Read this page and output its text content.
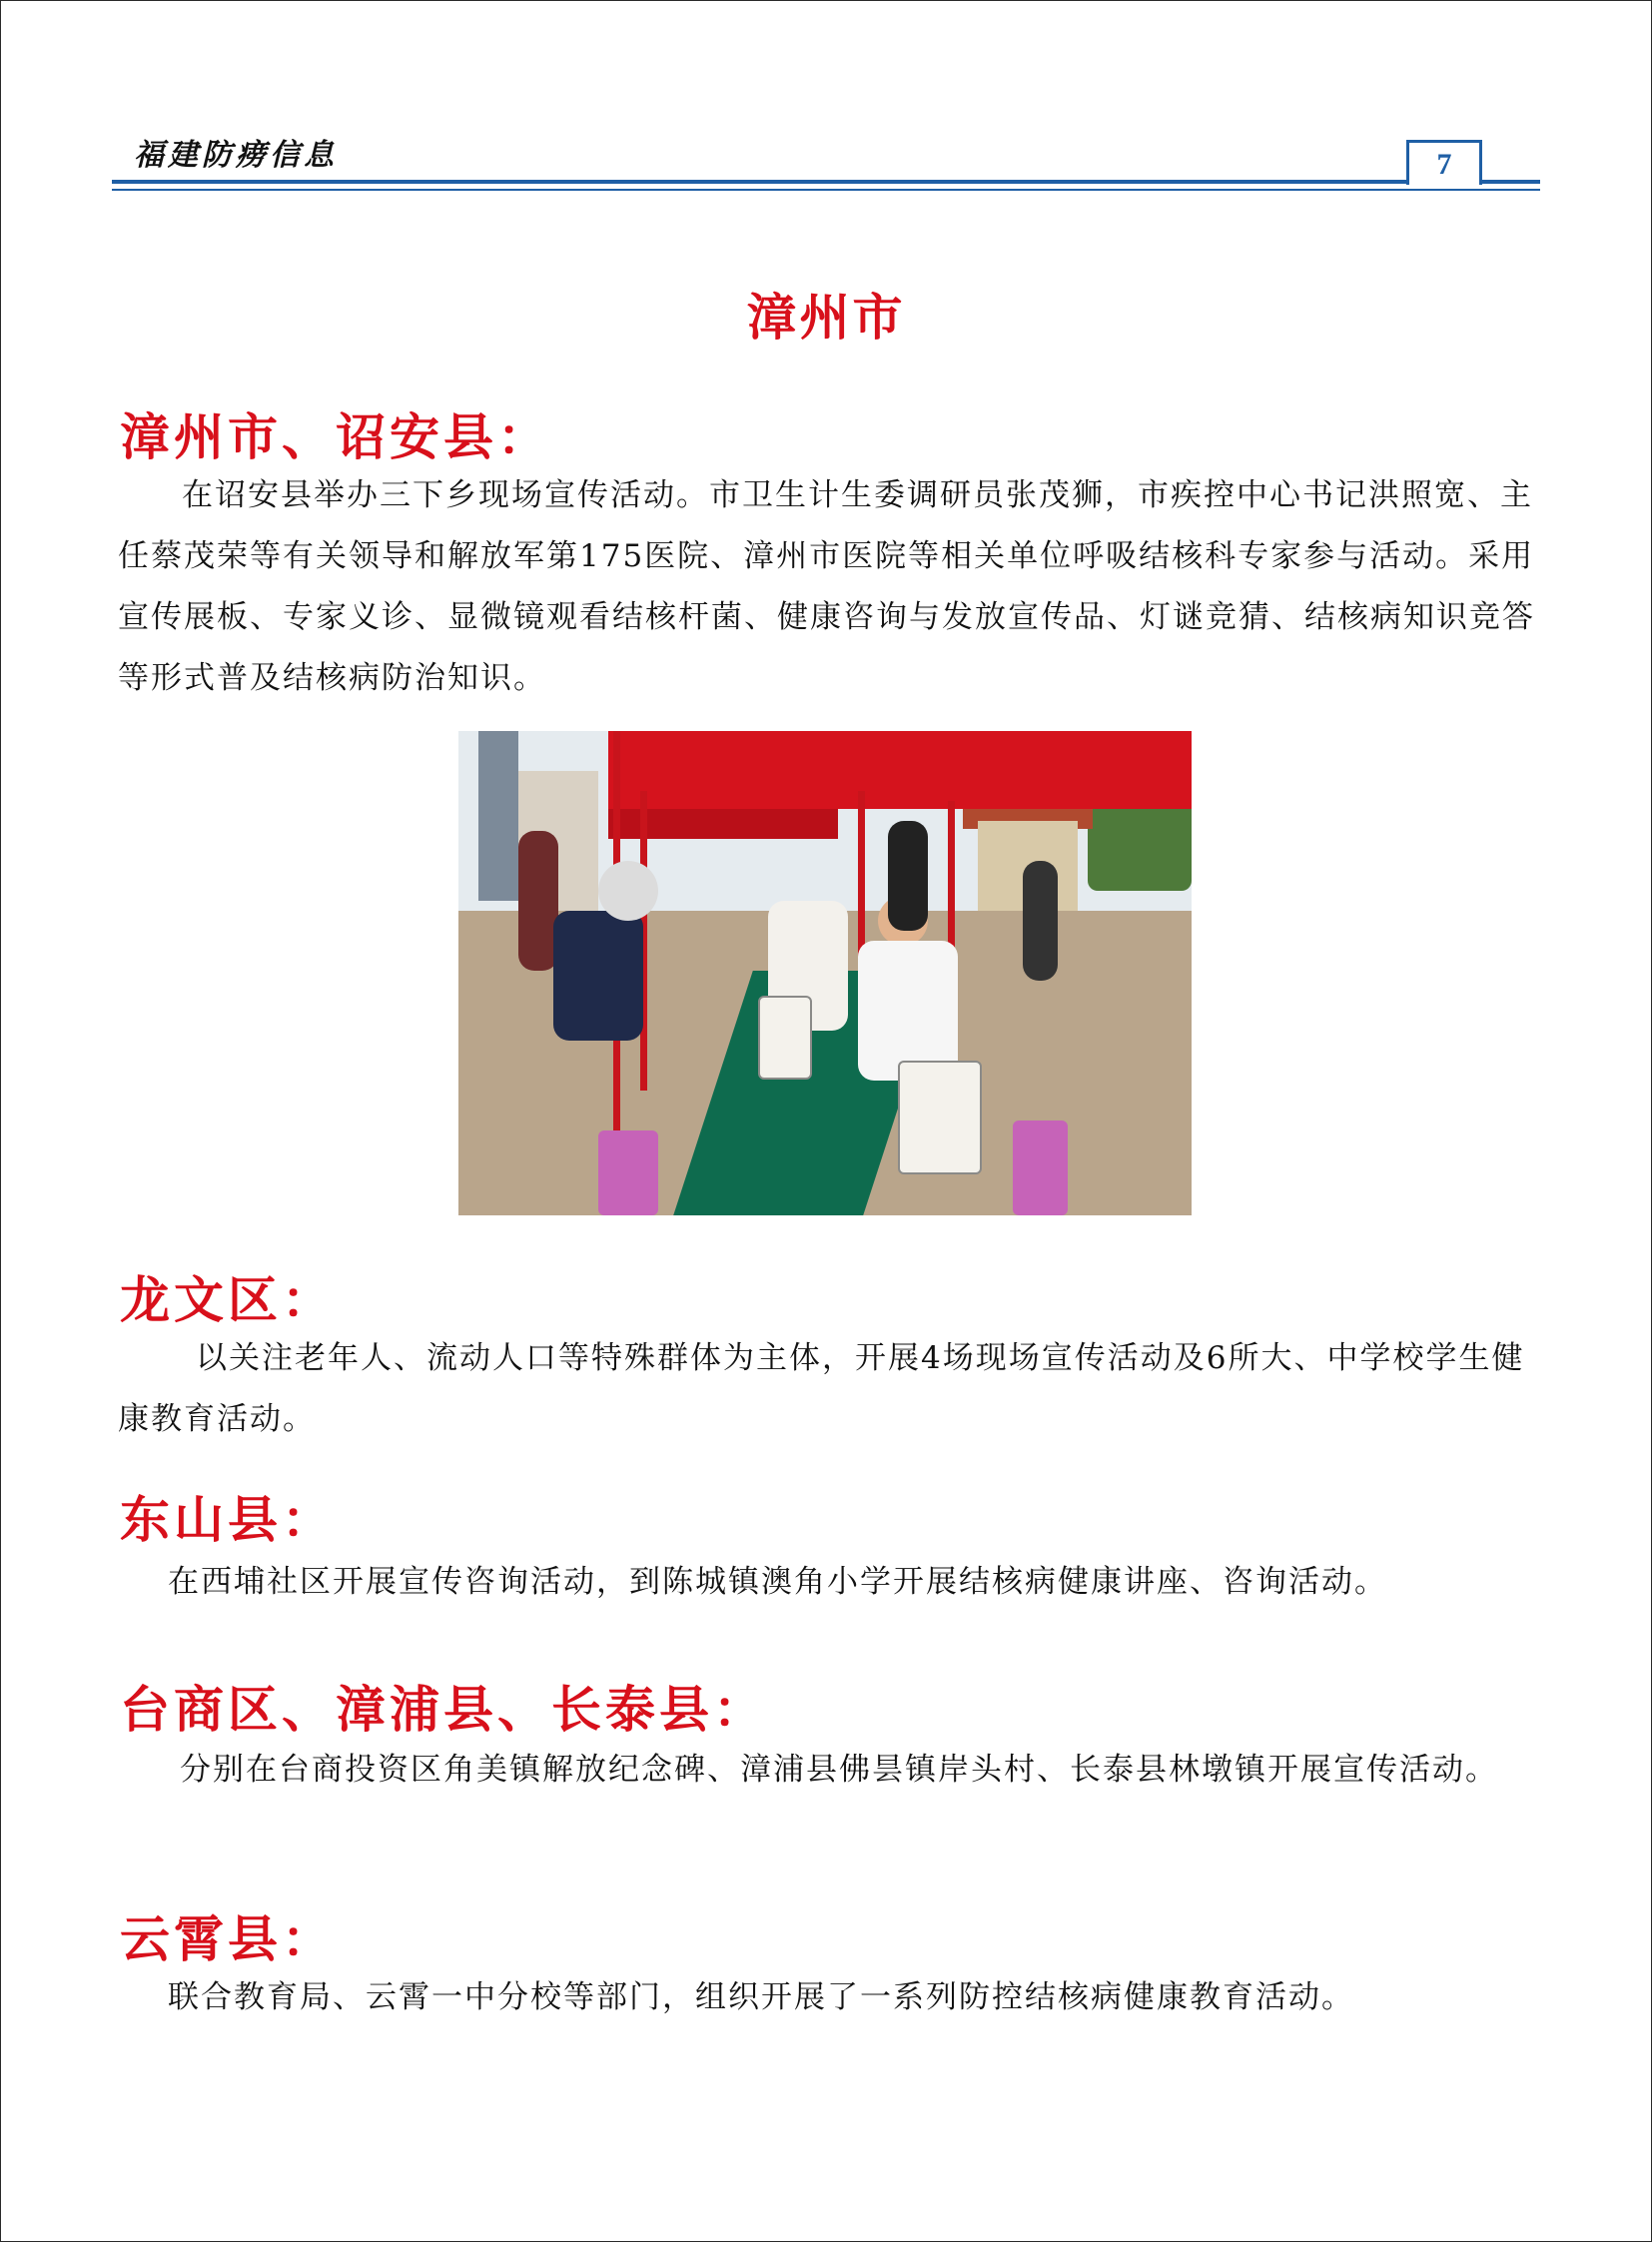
福建防痨信息	7
漳州市
漳州市、诏安县：
在诏安县举办三下乡现场宣传活动。市卫生计生委调研员张茂狮，市疾控中心书记洪照宽、主任蔡茂荣等有关领导和解放军第175医院、漳州市医院等相关单位呼吸结核科专家参与活动。采用宣传展板、专家义诊、显微镜观看结核杆菌、健康咨询与发放宣传品、灯谜竞猜、结核病知识竞答等形式普及结核病防治知识。
龙文区：
以关注老年人、流动人口等特殊群体为主体，开展4场现场宣传活动及6所大、中学校学生健康教育活动。
东山县：
在西埔社区开展宣传咨询活动，到陈城镇澳角小学开展结核病健康讲座、咨询活动。
台商区、漳浦县、长泰县：
分别在台商投资区角美镇解放纪念碑、漳浦县佛昙镇岸头村、长泰县林墩镇开展宣传活动。
云霄县：
联合教育局、云霄一中分校等部门，组织开展了一系列防控结核病健康教育活动。
